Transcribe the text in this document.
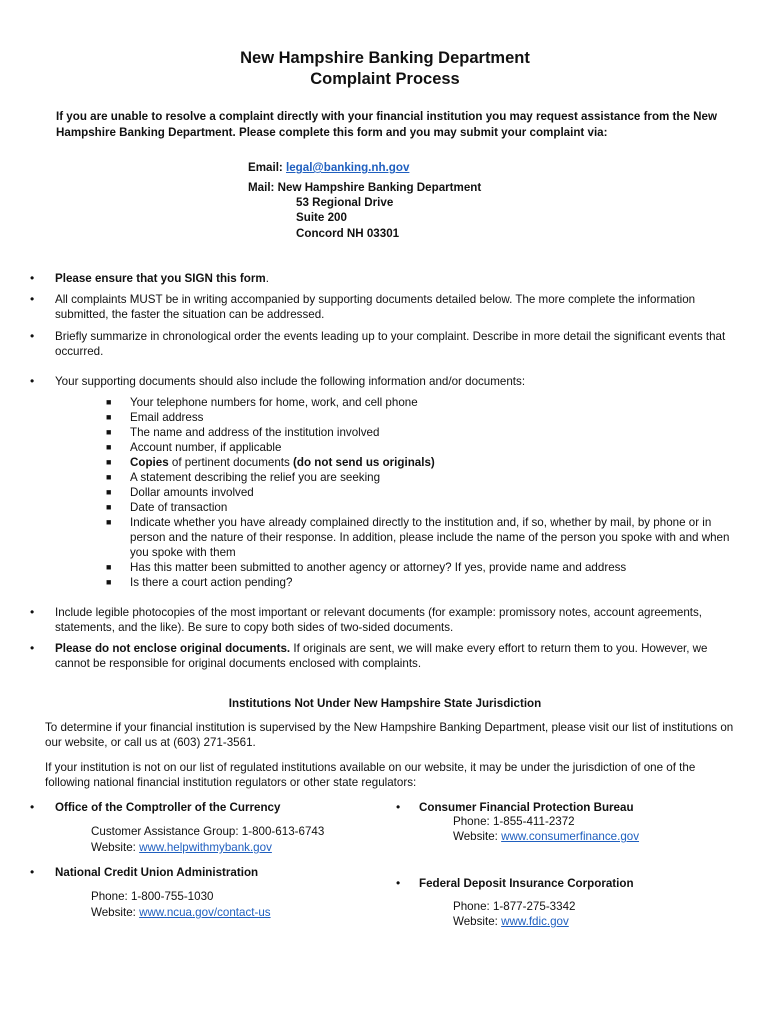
New Hampshire Banking Department
Complaint Process
If you are unable to resolve a complaint directly with your financial institution you may request assistance from the New Hampshire Banking Department. Please complete this form and you may submit your complaint via:
Email: legal@banking.nh.gov
Mail: New Hampshire Banking Department
53 Regional Drive
Suite 200
Concord NH 03301
• Please ensure that you SIGN this form.
• All complaints MUST be in writing accompanied by supporting documents detailed below. The more complete the information submitted, the faster the situation can be addressed.
• Briefly summarize in chronological order the events leading up to your complaint. Describe in more detail the significant events that occurred.
• Your supporting documents should also include the following information and/or documents:
■ Your telephone numbers for home, work, and cell phone
■ Email address
■ The name and address of the institution involved
■ Account number, if applicable
■ Copies of pertinent documents (do not send us originals)
■ A statement describing the relief you are seeking
■ Dollar amounts involved
■ Date of transaction
■ Indicate whether you have already complained directly to the institution and, if so, whether by mail, by phone or in person and the nature of their response. In addition, please include the name of the person you spoke with and when you spoke with them
■ Has this matter been submitted to another agency or attorney? If yes, provide name and address
■ Is there a court action pending?
• Include legible photocopies of the most important or relevant documents (for example: promissory notes, account agreements, statements, and the like). Be sure to copy both sides of two-sided documents.
• Please do not enclose original documents. If originals are sent, we will make every effort to return them to you. However, we cannot be responsible for original documents enclosed with complaints.
Institutions Not Under New Hampshire State Jurisdiction
To determine if your financial institution is supervised by the New Hampshire Banking Department, please visit our list of institutions on our website, or call us at (603) 271-3561.
If your institution is not on our list of regulated institutions available on our website, it may be under the jurisdiction of one of the following national financial institution regulators or other state regulators:
• Office of the Comptroller of the Currency
Customer Assistance Group: 1-800-613-6743
Website: www.helpwithmybank.gov
• National Credit Union Administration
Phone: 1-800-755-1030
Website: www.ncua.gov/contact-us
• Consumer Financial Protection Bureau
Phone: 1-855-411-2372
Website: www.consumerfinance.gov
• Federal Deposit Insurance Corporation
Phone: 1-877-275-3342
Website: www.fdic.gov
